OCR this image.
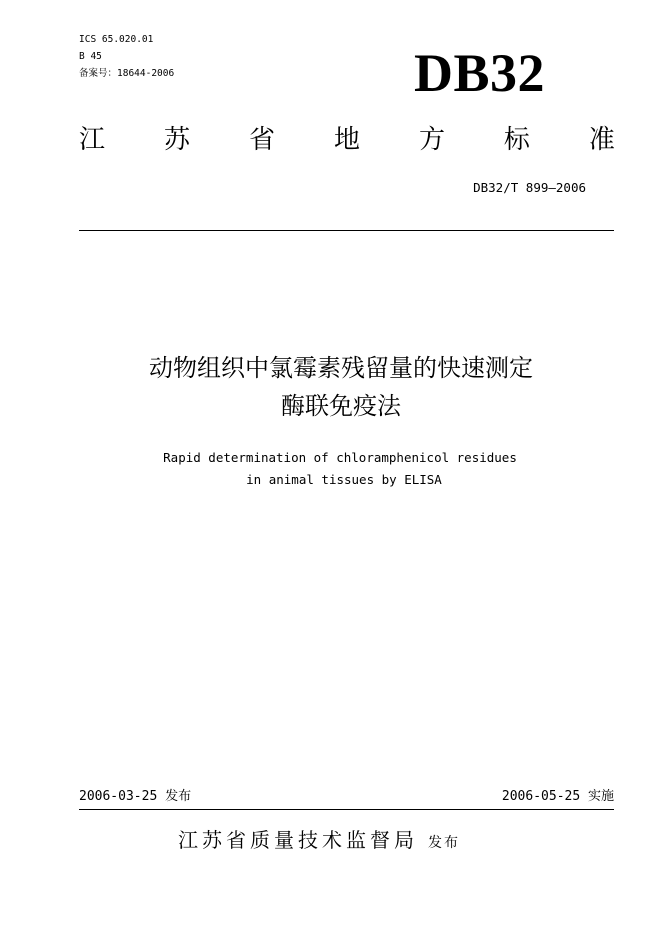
ICS 65.020.01
B 45
备案号：18644-2006	DB32
江 苏 省 地 方 标 准
DB32/T 899—2006
动物组织中氯霉素残留量的快速测定
酶联免疫法
Rapid determination of chloramphenicol residues
in animal tissues by ELISA
2006-03-25 发布	2006-05-25 实施
江苏省质量技术监督局 发布
